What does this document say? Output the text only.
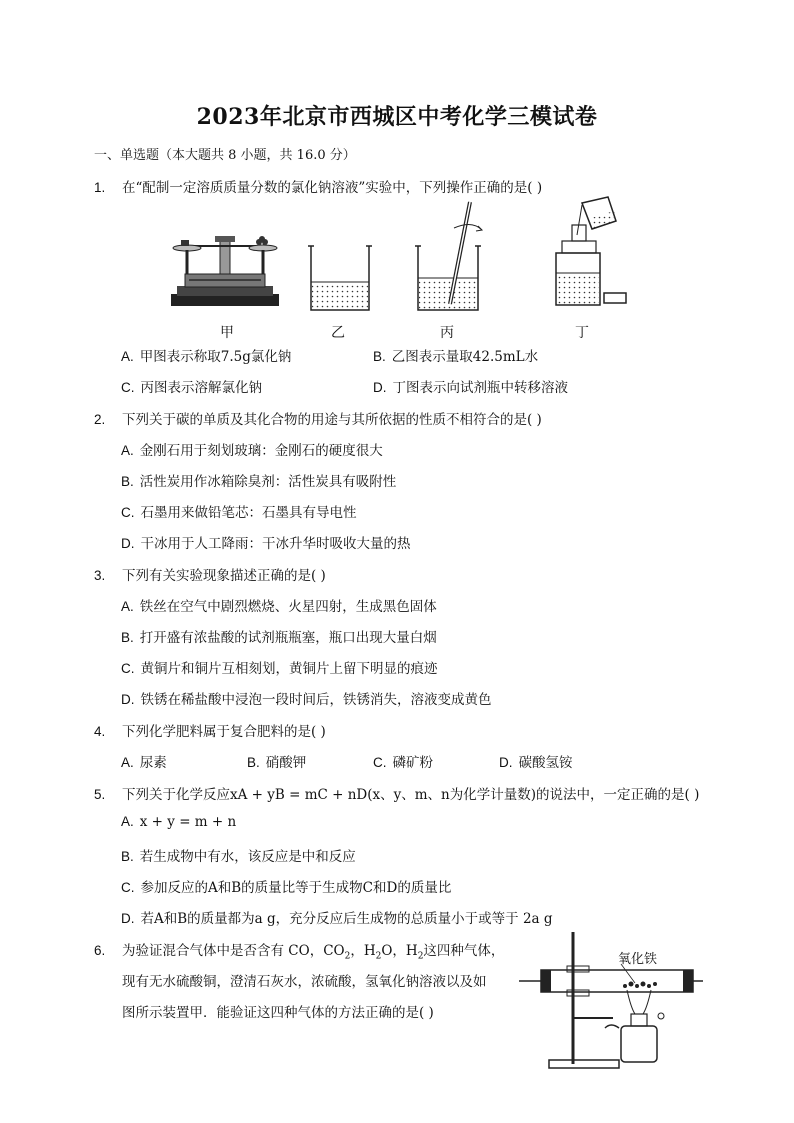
2023年北京市西城区中考化学三模试卷
一、单选题（本大题共 8 小题，共 16.0 分）
1. 在“配制一定溶质质量分数的氯化钠溶液”实验中，下列操作正确的是( )
甲	乙	丙	丁
A. 甲图表示称取7.5g氯化钠	B. 乙图表示量取42.5mL水
C. 丙图表示溶解氯化钠	D. 丁图表示向试剂瓶中转移溶液
2. 下列关于碳的单质及其化合物的用途与其所依据的性质不相符合的是( )
A. 金刚石用于刻划玻璃：金刚石的硬度很大
B. 活性炭用作冰箱除臭剂：活性炭具有吸附性
C. 石墨用来做铅笔芯：石墨具有导电性
D. 干冰用于人工降雨：干冰升华时吸收大量的热
3. 下列有关实验现象描述正确的是( )
A. 铁丝在空气中剧烈燃烧、火星四射，生成黑色固体
B. 打开盛有浓盐酸的试剂瓶瓶塞，瓶口出现大量白烟
C. 黄铜片和铜片互相刻划，黄铜片上留下明显的痕迹
D. 铁锈在稀盐酸中浸泡一段时间后，铁锈消失，溶液变成黄色
4. 下列化学肥料属于复合肥料的是( )
A. 尿素	B. 硝酸钾	C. 磷矿粉	D. 碳酸氢铵
5. 下列关于化学反应xA + yB = mC + nD(x、y、m、n为化学计量数)的说法中，一定正确的是( )
A. x + y = m + n
B. 若生成物中有水，该反应是中和反应
C. 参加反应的A和B的质量比等于生成物C和D的质量比
D. 若A和B的质量都为a g，充分反应后生成物的总质量小于或等于 2a g
6. 为验证混合气体中是否含有 CO，$CO_2$，$H_2O$，$H_2$这四种气体，
现有无水硫酸铜，澄清石灰水，浓硫酸，氢氧化钠溶液以及如
图所示装置甲．能验证这四种气体的方法正确的是( )
氧化铁
